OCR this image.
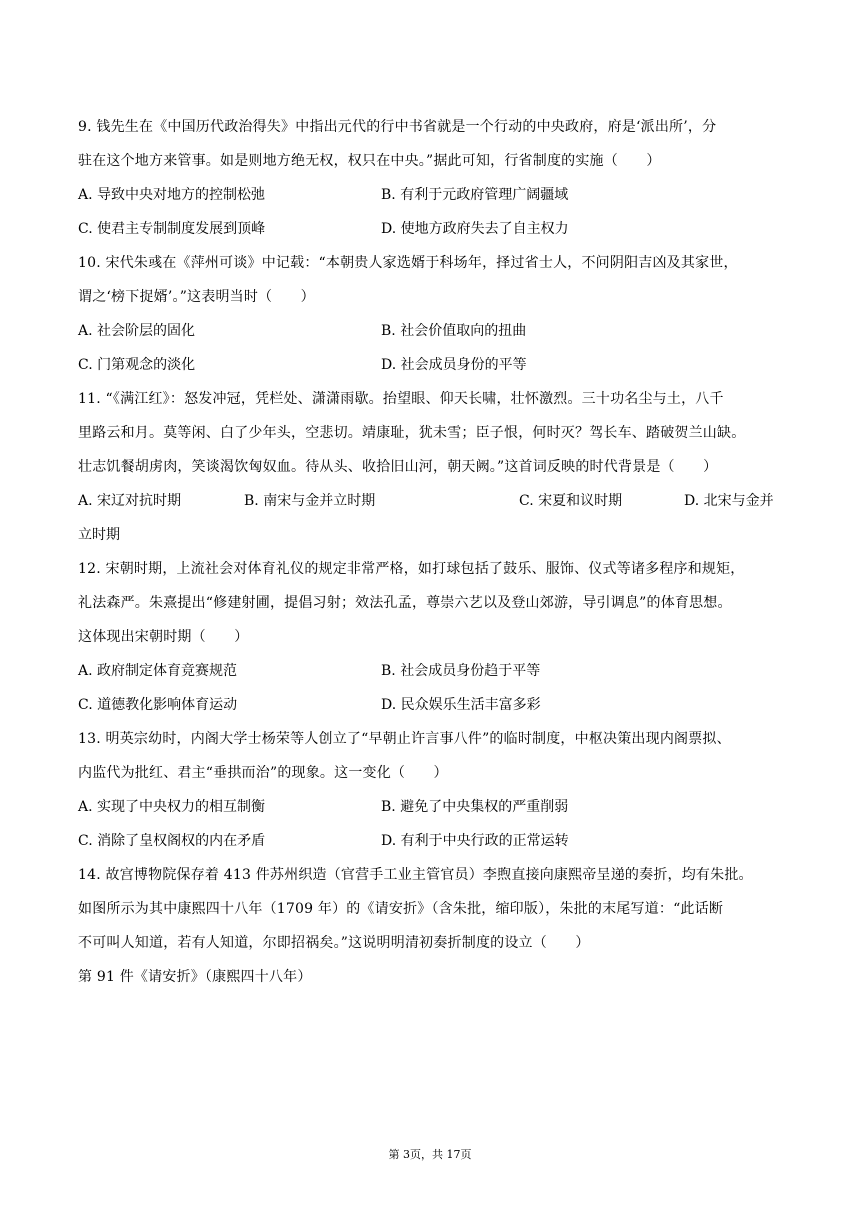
9. 钱先生在《中国历代政治得失》中指出元代的行中书省就是一个行动的中央政府，府是‘派出所’，分
驻在这个地方来管事。如是则地方绝无权，权只在中央。”据此可知，行省制度的实施（　　）
A. 导致中央对地方的控制松弛	B. 有利于元政府管理广阔疆域
C. 使君主专制制度发展到顶峰	D. 使地方政府失去了自主权力
10. 宋代朱彧在《萍州可谈》中记载：“本朝贵人家选婿于科场年，择过省士人，不问阴阳吉凶及其家世，
谓之‘榜下捉婿’。”这表明当时（　　）
A. 社会阶层的固化	B. 社会价值取向的扭曲
C. 门第观念的淡化	D. 社会成员身份的平等
11. “《满江红》：怒发冲冠，凭栏处、潇潇雨歇。抬望眼、仰天长啸，壮怀激烈。三十功名尘与土，八千
里路云和月。莫等闲、白了少年头，空悲切。靖康耻，犹未雪；臣子恨，何时灭？驾长车、踏破贺兰山缺。
壮志饥餐胡虏肉，笑谈渴饮匈奴血。待从头、收拾旧山河，朝天阙。”这首词反映的时代背景是（　　）
A. 宋辽对抗时期	B. 南宋与金并立时期	C. 宋夏和议时期	D. 北宋与金并
立时期
12. 宋朝时期，上流社会对体育礼仪的规定非常严格，如打球包括了鼓乐、服饰、仪式等诸多程序和规矩，
礼法森严。朱熹提出“修建射圃，提倡习射；效法孔孟，尊崇六艺以及登山郊游，导引调息”的体育思想。
这体现出宋朝时期（　　）
A. 政府制定体育竞赛规范	B. 社会成员身份趋于平等
C. 道德教化影响体育运动	D. 民众娱乐生活丰富多彩
13. 明英宗幼时，内阁大学士杨荣等人创立了“早朝止许言事八件”的临时制度，中枢决策出现内阁票拟、
内监代为批红、君主“垂拱而治”的现象。这一变化（　　）
A. 实现了中央权力的相互制衡	B. 避免了中央集权的严重削弱
C. 消除了皇权阁权的内在矛盾	D. 有利于中央行政的正常运转
14. 故宫博物院保存着 413 件苏州织造（官营手工业主管官员）李煦直接向康熙帝呈递的奏折，均有朱批。
如图所示为其中康熙四十八年（1709 年）的《请安折》（含朱批，缩印版），朱批的末尾写道：“此话断
不可叫人知道，若有人知道，尔即招祸矣。”这说明明清初奏折制度的设立（　　）
第 91 件《请安折》（康熙四十八年）
第 3页，共 17页
